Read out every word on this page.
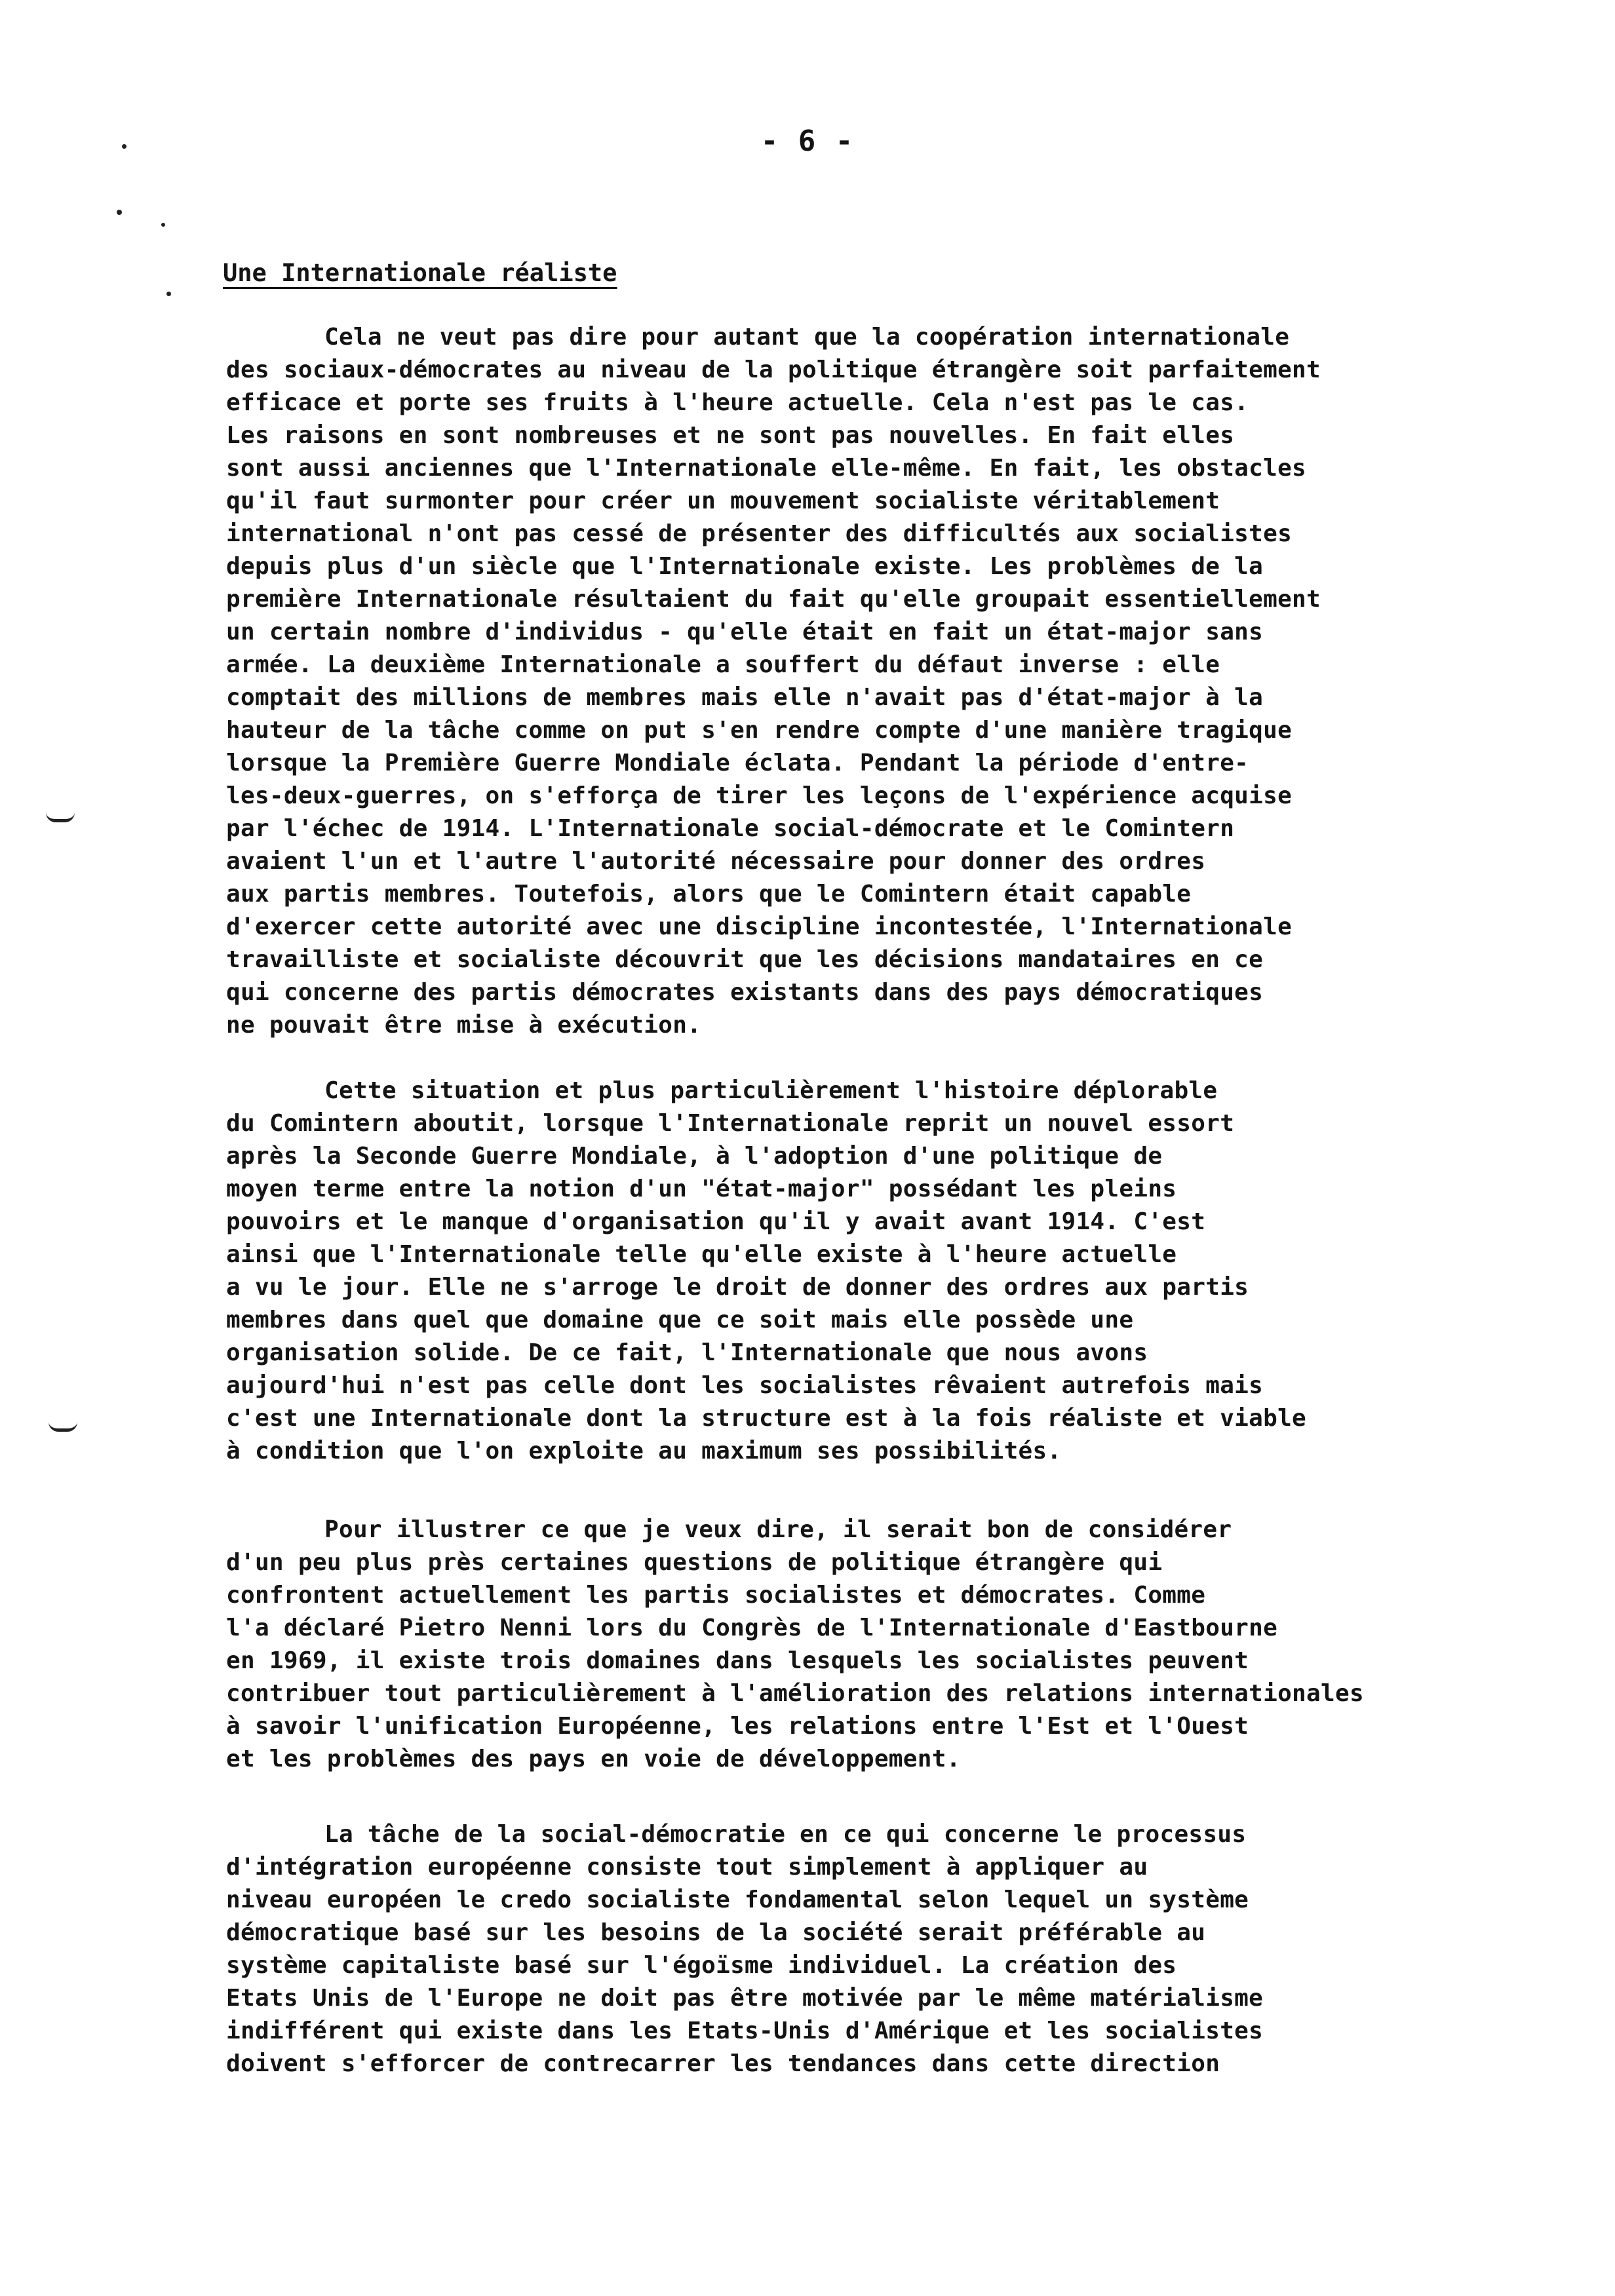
- 6 -
Une Internationale réaliste
Cela ne veut pas dire pour autant que la coopération internationale
des sociaux-démocrates au niveau de la politique étrangère soit parfaitement
efficace et porte ses fruits à l'heure actuelle. Cela n'est pas le cas.
Les raisons en sont nombreuses et ne sont pas nouvelles. En fait elles
sont aussi anciennes que l'Internationale elle-même. En fait, les obstacles
qu'il faut surmonter pour créer un mouvement socialiste véritablement
international n'ont pas cessé de présenter des difficultés aux socialistes
depuis plus d'un siècle que l'Internationale existe. Les problèmes de la
première Internationale résultaient du fait qu'elle groupait essentiellement
un certain nombre d'individus - qu'elle était en fait un état-major sans
armée. La deuxième Internationale a souffert du défaut inverse : elle
comptait des millions de membres mais elle n'avait pas d'état-major à la
hauteur de la tâche comme on put s'en rendre compte d'une manière tragique
lorsque la Première Guerre Mondiale éclata. Pendant la période d'entre-
les-deux-guerres, on s'efforça de tirer les leçons de l'expérience acquise
par l'échec de 1914. L'Internationale social-démocrate et le Comintern
avaient l'un et l'autre l'autorité nécessaire pour donner des ordres
aux partis membres. Toutefois, alors que le Comintern était capable
d'exercer cette autorité avec une discipline incontestée, l'Internationale
travailliste et socialiste découvrit que les décisions mandataires en ce
qui concerne des partis démocrates existants dans des pays démocratiques
ne pouvait être mise à exécution.
Cette situation et plus particulièrement l'histoire déplorable
du Comintern aboutit, lorsque l'Internationale reprit un nouvel essort
après la Seconde Guerre Mondiale, à l'adoption d'une politique de
moyen terme entre la notion d'un "état-major" possédant les pleins
pouvoirs et le manque d'organisation qu'il y avait avant 1914. C'est
ainsi que l'Internationale telle qu'elle existe à l'heure actuelle
a vu le jour. Elle ne s'arroge le droit de donner des ordres aux partis
membres dans quel que domaine que ce soit mais elle possède une
organisation solide. De ce fait, l'Internationale que nous avons
aujourd'hui n'est pas celle dont les socialistes rêvaient autrefois mais
c'est une Internationale dont la structure est à la fois réaliste et viable
à condition que l'on exploite au maximum ses possibilités.
Pour illustrer ce que je veux dire, il serait bon de considérer
d'un peu plus près certaines questions de politique étrangère qui
confrontent actuellement les partis socialistes et démocrates. Comme
l'a déclaré Pietro Nenni lors du Congrès de l'Internationale d'Eastbourne
en 1969, il existe trois domaines dans lesquels les socialistes peuvent
contribuer tout particulièrement à l'amélioration des relations internationales
à savoir l'unification Européenne, les relations entre l'Est et l'Ouest
et les problèmes des pays en voie de développement.
La tâche de la social-démocratie en ce qui concerne le processus
d'intégration européenne consiste tout simplement à appliquer au
niveau européen le credo socialiste fondamental selon lequel un système
démocratique basé sur les besoins de la société serait préférable au
système capitaliste basé sur l'égoïsme individuel. La création des
Etats Unis de l'Europe ne doit pas être motivée par le même matérialisme
indifférent qui existe dans les Etats-Unis d'Amérique et les socialistes
doivent s'efforcer de contrecarrer les tendances dans cette direction
